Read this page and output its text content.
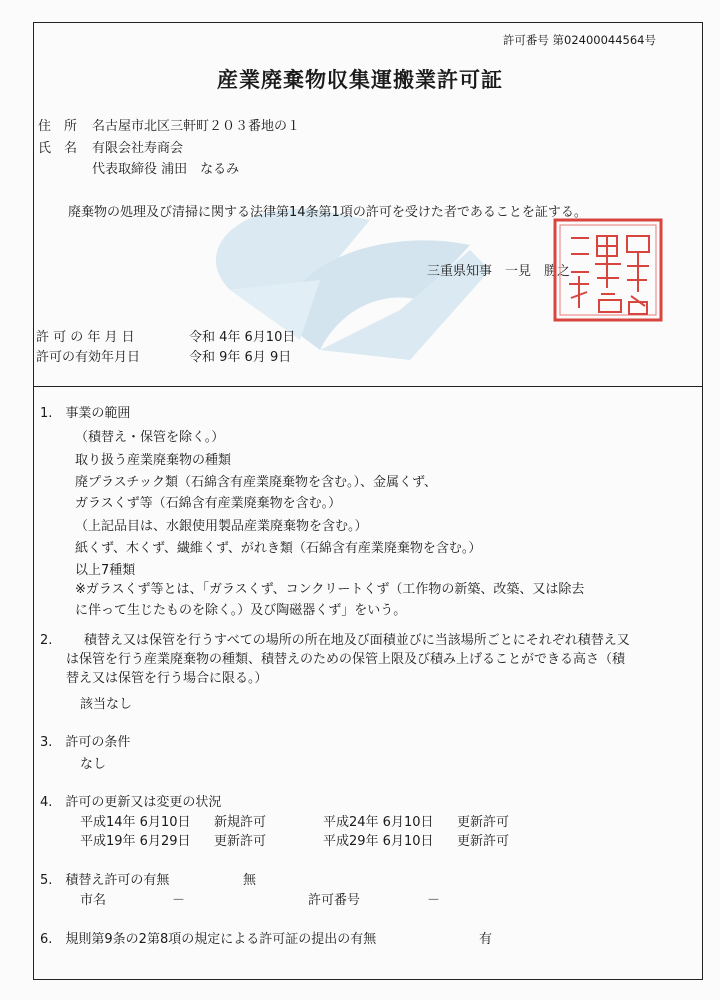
許可番号 第02400044564号
産業廃棄物収集運搬業許可証
住　所 名古屋市北区三軒町２０３番地の１
氏　名 有限会社寿商会
代表取締役 浦田　なるみ
廃棄物の処理及び清掃に関する法律第14条第1項の許可を受けた者であることを証する。
三重県知事　一見　勝之
許 可 の 年 月 日	令和 4年 6月10日
許可の有効年月日	令和 9年 6月 9日
1.　事業の範囲
（積替え・保管を除く。）
取り扱う産業廃棄物の種類
廃プラスチック類（石綿含有産業廃棄物を含む。）、金属くず、
ガラスくず等（石綿含有産業廃棄物を含む。）
（上記品目は、水銀使用製品産業廃棄物を含む。）
紙くず、木くず、繊維くず、がれき類（石綿含有産業廃棄物を含む。）
以上7種類
※ガラスくず等とは、「ガラスくず、コンクリートくず（工作物の新築、改築、又は除去
に伴って生じたものを除く。）及び陶磁器くず」をいう。
2. 積替え又は保管を行うすべての場所の所在地及び面積並びに当該場所ごとにそれぞれ積替え又
は保管を行う産業廃棄物の種類、積替えのための保管上限及び積み上げることができる高さ（積
替え又は保管を行う場合に限る。）
該当なし
3.　許可の条件
なし
4.　許可の更新又は変更の状況
平成14年 6月10日 新規許可	平成24年 6月10日 更新許可
平成19年 6月29日 更新許可	平成29年 6月10日 更新許可
5.　積替え許可の有無	無
市名	－	許可番号	－
6.　規則第9条の2第8項の規定による許可証の提出の有無	有
